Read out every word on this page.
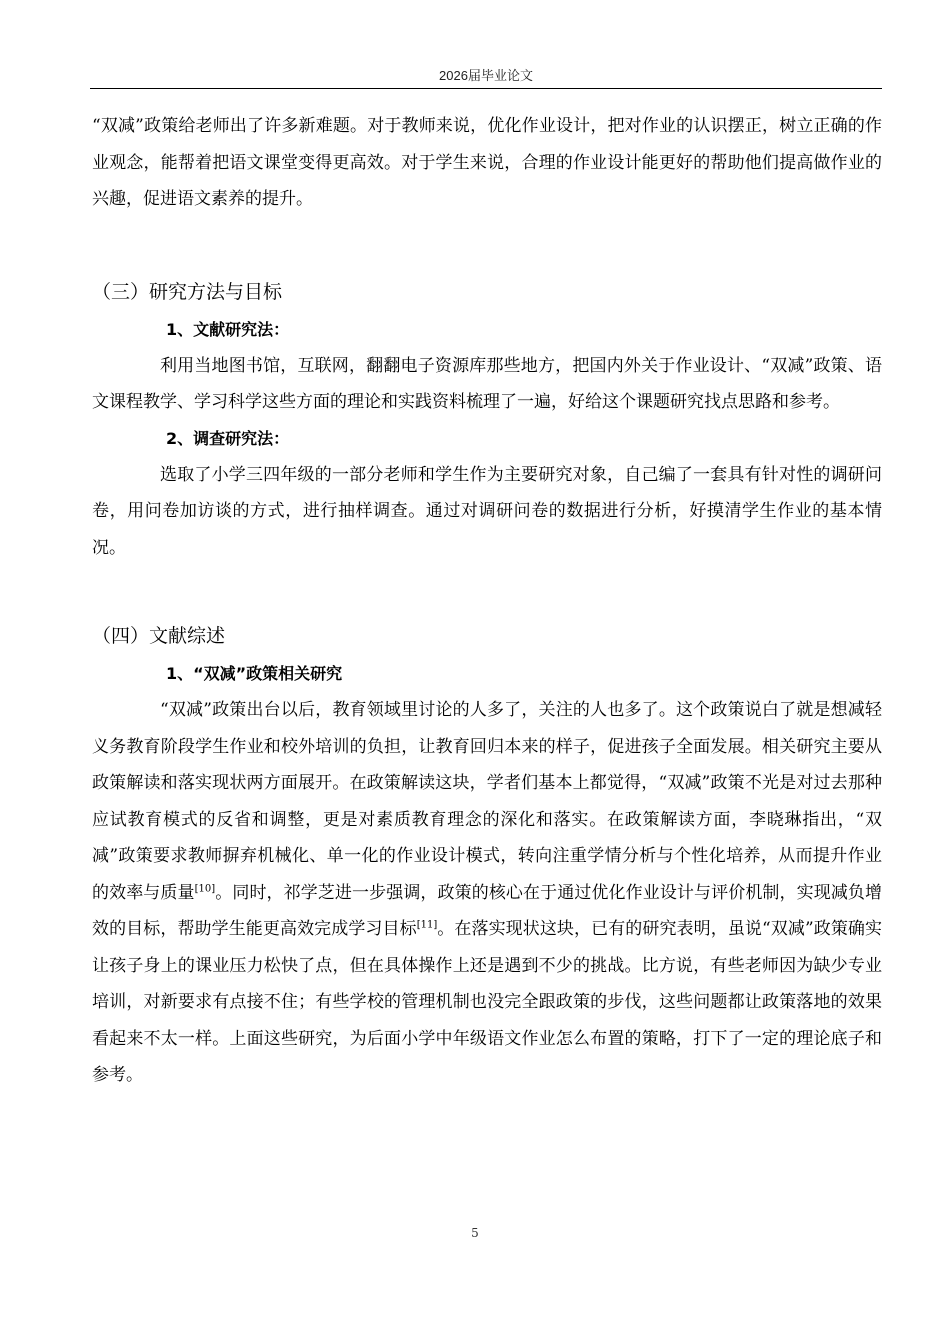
2026届毕业论文

“双减”政策给老师出了许多新难题。对于教师来说，优化作业设计，把对作业的认识摆正，树立正确的作业观念，能帮着把语文课堂变得更高效。对于学生来说，合理的作业设计能更好的帮助他们提高做作业的兴趣，促进语文素养的提升。

（三）研究方法与目标
1、文献研究法：

利用当地图书馆，互联网，翻翻电子资源库那些地方，把国内外关于作业设计、“双减”政策、语文课程教学、学习科学这些方面的理论和实践资料梳理了一遍，好给这个课题研究找点思路和参考。

2、调查研究法：

选取了小学三四年级的一部分老师和学生作为主要研究对象，自己编了一套具有针对性的调研问卷，用问卷加访谈的方式，进行抽样调查。通过对调研问卷的数据进行分析，好摸清学生作业的基本情况。

（四）文献综述
1、“双减”政策相关研究

“双减”政策出台以后，教育领域里讨论的人多了，关注的人也多了。这个政策说白了就是想减轻义务教育阶段学生作业和校外培训的负担，让教育回归本来的样子，促进孩子全面发展。相关研究主要从政策解读和落实现状两方面展开。在政策解读这块，学者们基本上都觉得，“双减”政策不光是对过去那种应试教育模式的反省和调整，更是对素质教育理念的深化和落实。在政策解读方面，李晓琳指出，“双减”政策要求教师摒弃机械化、单一化的作业设计模式，转向注重学情分析与个性化培养，从而提升作业的效率与质量[10]。同时，祁学芝进一步强调，政策的核心在于通过优化作业设计与评价机制，实现减负增效的目标，帮助学生能更高效完成学习目标[11]。在落实现状这块，已有的研究表明，虽说“双减”政策确实让孩子身上的课业压力松快了点，但在具体操作上还是遇到不少的挑战。比方说，有些老师因为缺少专业培训，对新要求有点接不住；有些学校的管理机制也没完全跟政策的步伐，这些问题都让政策落地的效果看起来不太一样。上面这些研究，为后面小学中年级语文作业怎么布置的策略，打下了一定的理论底子和参考。

5
